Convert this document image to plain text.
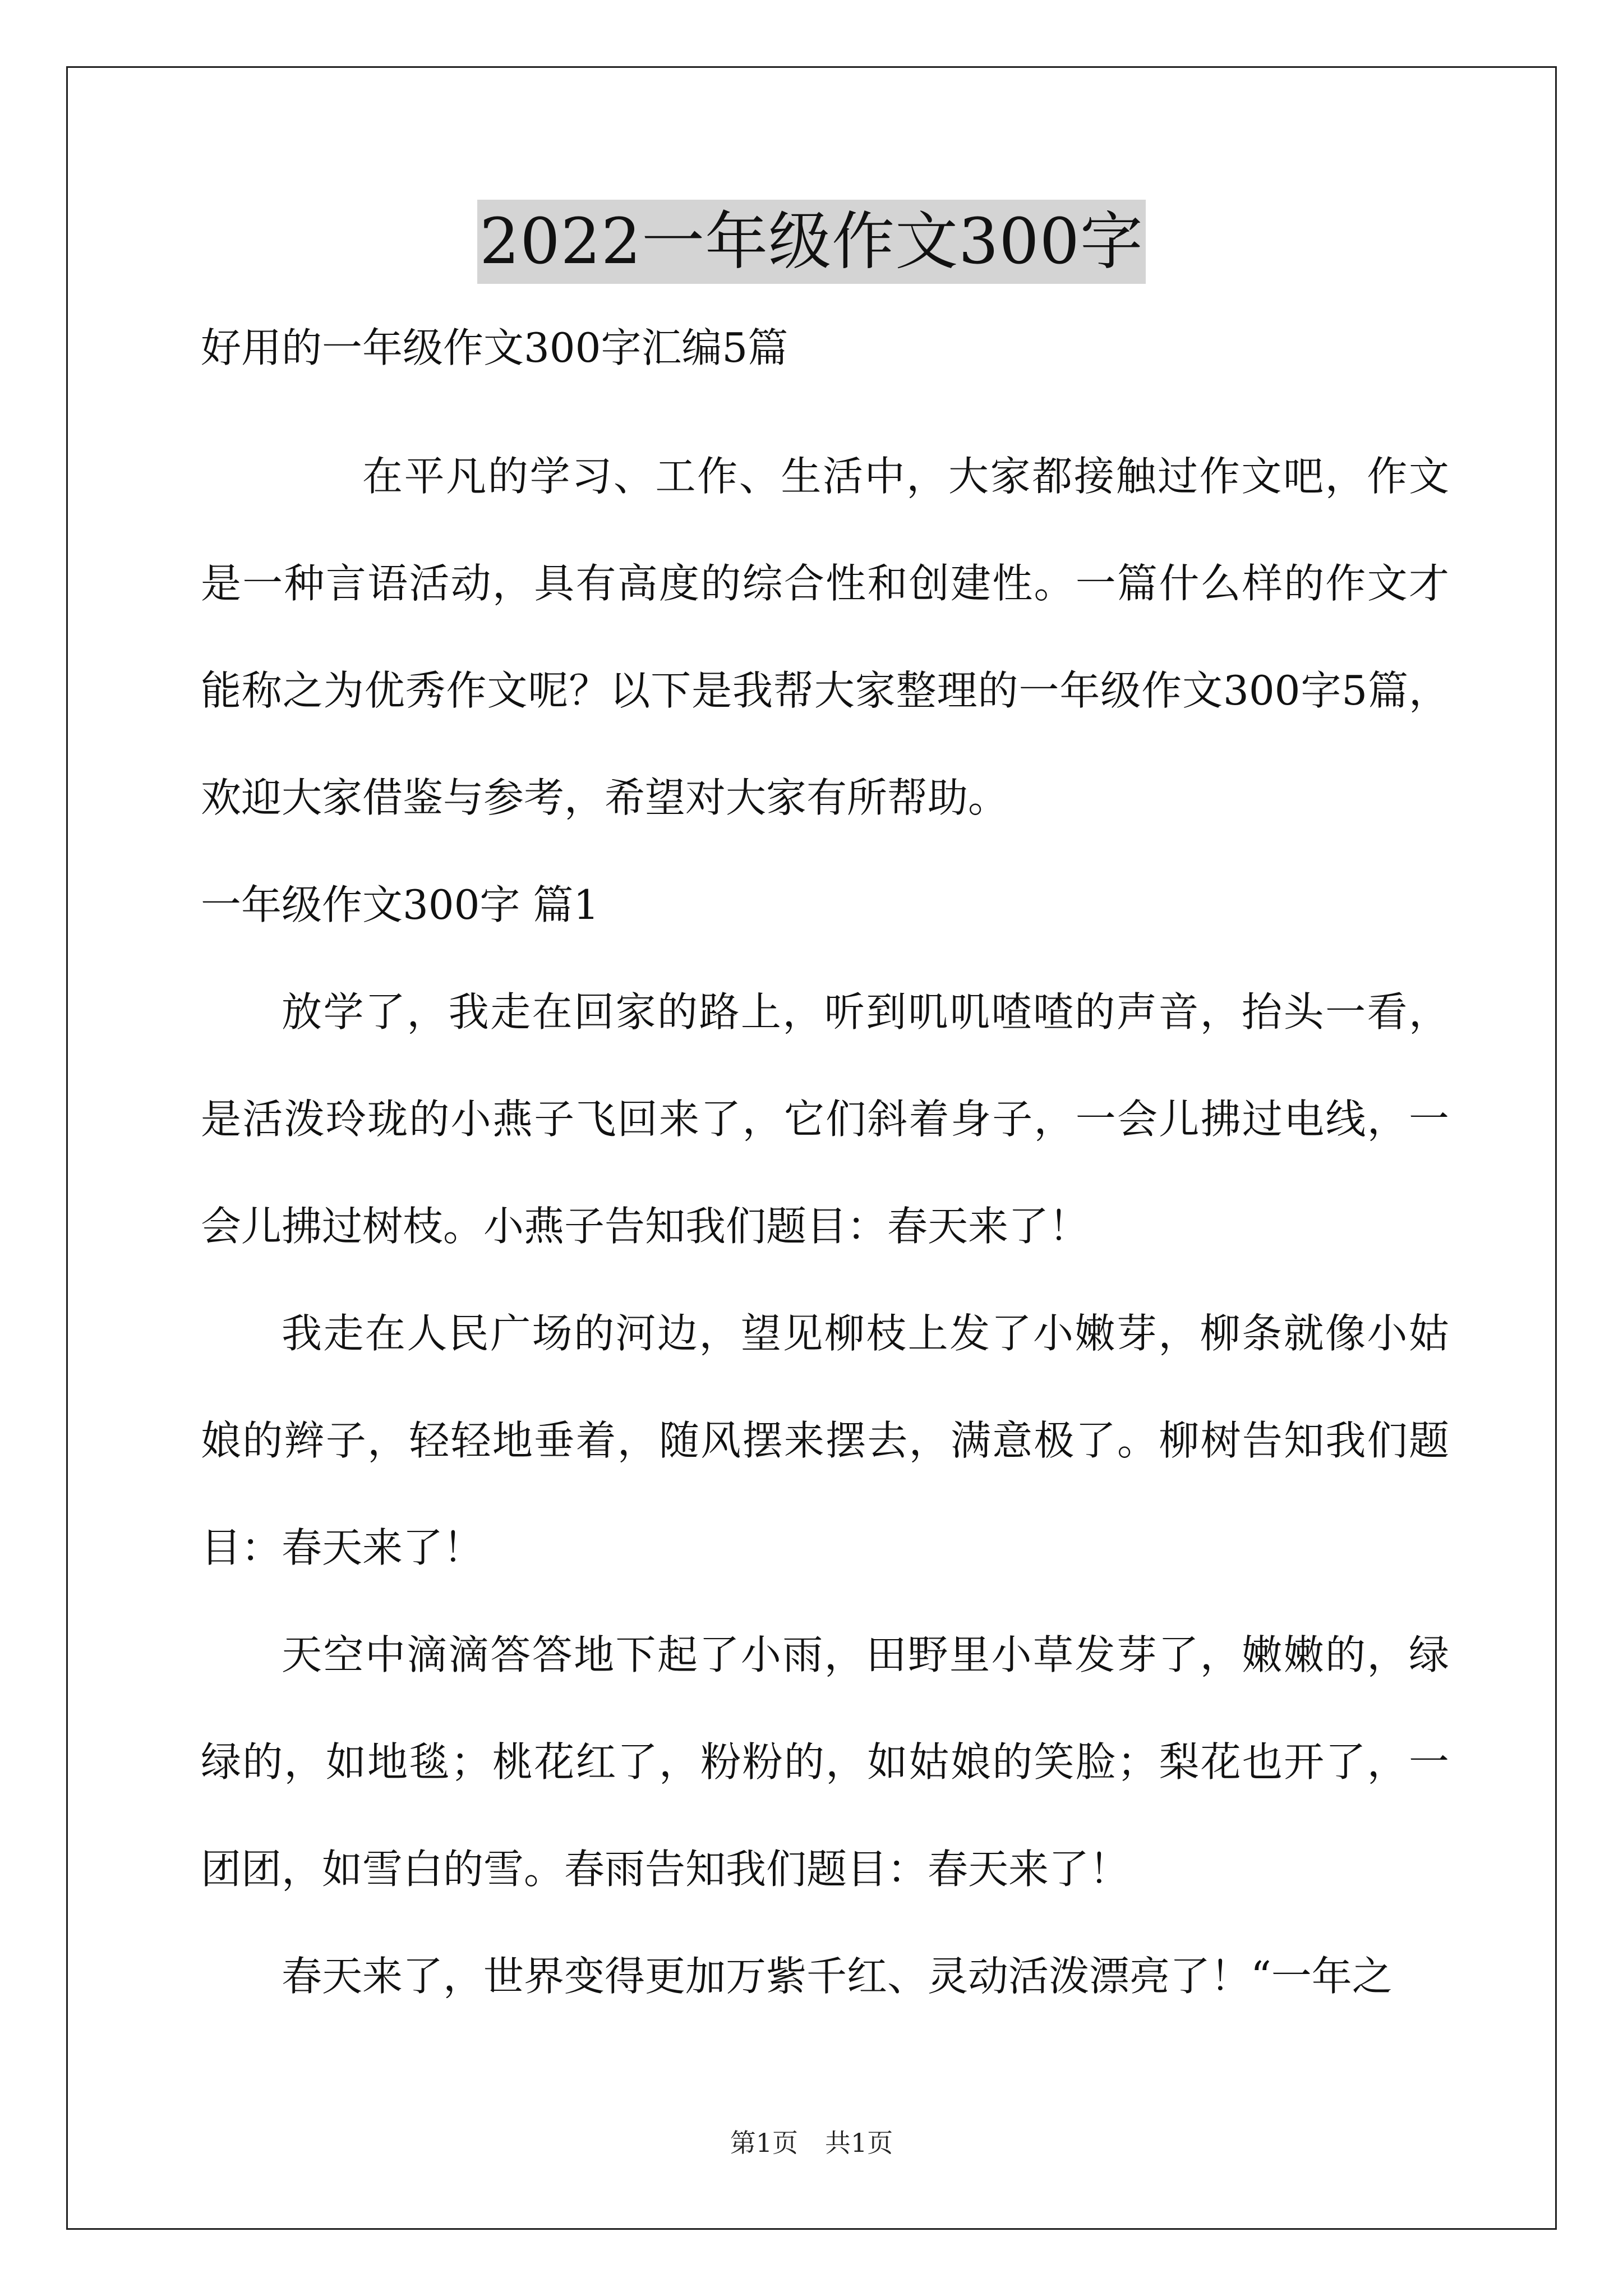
2022一年级作文300字

好用的一年级作文300字汇编5篇

在平凡的学习、工作、生活中，大家都接触过作文吧，作文是一种言语活动，具有高度的综合性和创建性。一篇什么样的作文才能称之为优秀作文呢？以下是我帮大家整理的一年级作文300字5篇，欢迎大家借鉴与参考，希望对大家有所帮助。

一年级作文300字 篇1

放学了，我走在回家的路上，听到叽叽喳喳的声音，抬头一看，是活泼玲珑的小燕子飞回来了，它们斜着身子，一会儿拂过电线，一会儿拂过树枝。小燕子告知我们题目：春天来了！

我走在人民广场的河边，望见柳枝上发了小嫩芽，柳条就像小姑娘的辫子，轻轻地垂着，随风摆来摆去，满意极了。柳树告知我们题目：春天来了！

天空中滴滴答答地下起了小雨，田野里小草发芽了，嫩嫩的，绿绿的，如地毯；桃花红了，粉粉的，如姑娘的笑脸；梨花也开了，一团团，如雪白的雪。春雨告知我们题目：春天来了！

春天来了，世界变得更加万紫千红、灵动活泼漂亮了！“一年之

第1页 共1页
